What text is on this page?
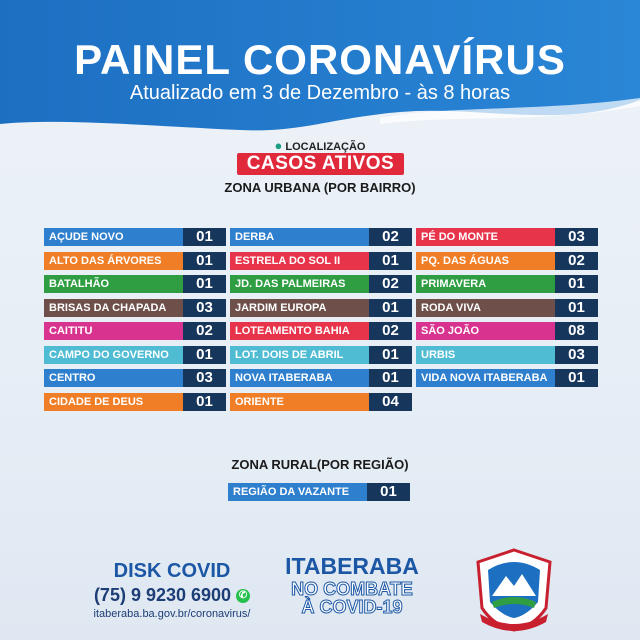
PAINEL CORONAVÍRUS
Atualizado em 3 de Dezembro - às 8 horas
● LOCALIZAÇÃO
CASOS ATIVOS
ZONA URBANA (POR BAIRRO)
AÇUDE NOVO	01
ALTO DAS ÁRVORES	01
BATALHÃO	01
BRISAS DA CHAPADA	03
CAITITU	02
CAMPO DO GOVERNO	01
CENTRO	03
CIDADE DE DEUS	01
DERBA	02
ESTRELA DO SOL II	01
JD. DAS PALMEIRAS	02
JARDIM EUROPA	01
LOTEAMENTO BAHIA	02
LOT. DOIS DE ABRIL	01
NOVA ITABERABA	01
ORIENTE	04
PÉ DO MONTE	03
PQ. DAS ÁGUAS	02
PRIMAVERA	01
RODA VIVA	01
SÃO JOÃO	08
URBIS	03
VIDA NOVA ITABERABA	01
ZONA RURAL(POR REGIÃO)
REGIÃO DA VAZANTE	01
DISK COVID
(75) 9 9230 6900 ✆
itaberaba.ba.gov.br/coronavirus/
ITABERABA
NO COMBATE
À COVID-19
